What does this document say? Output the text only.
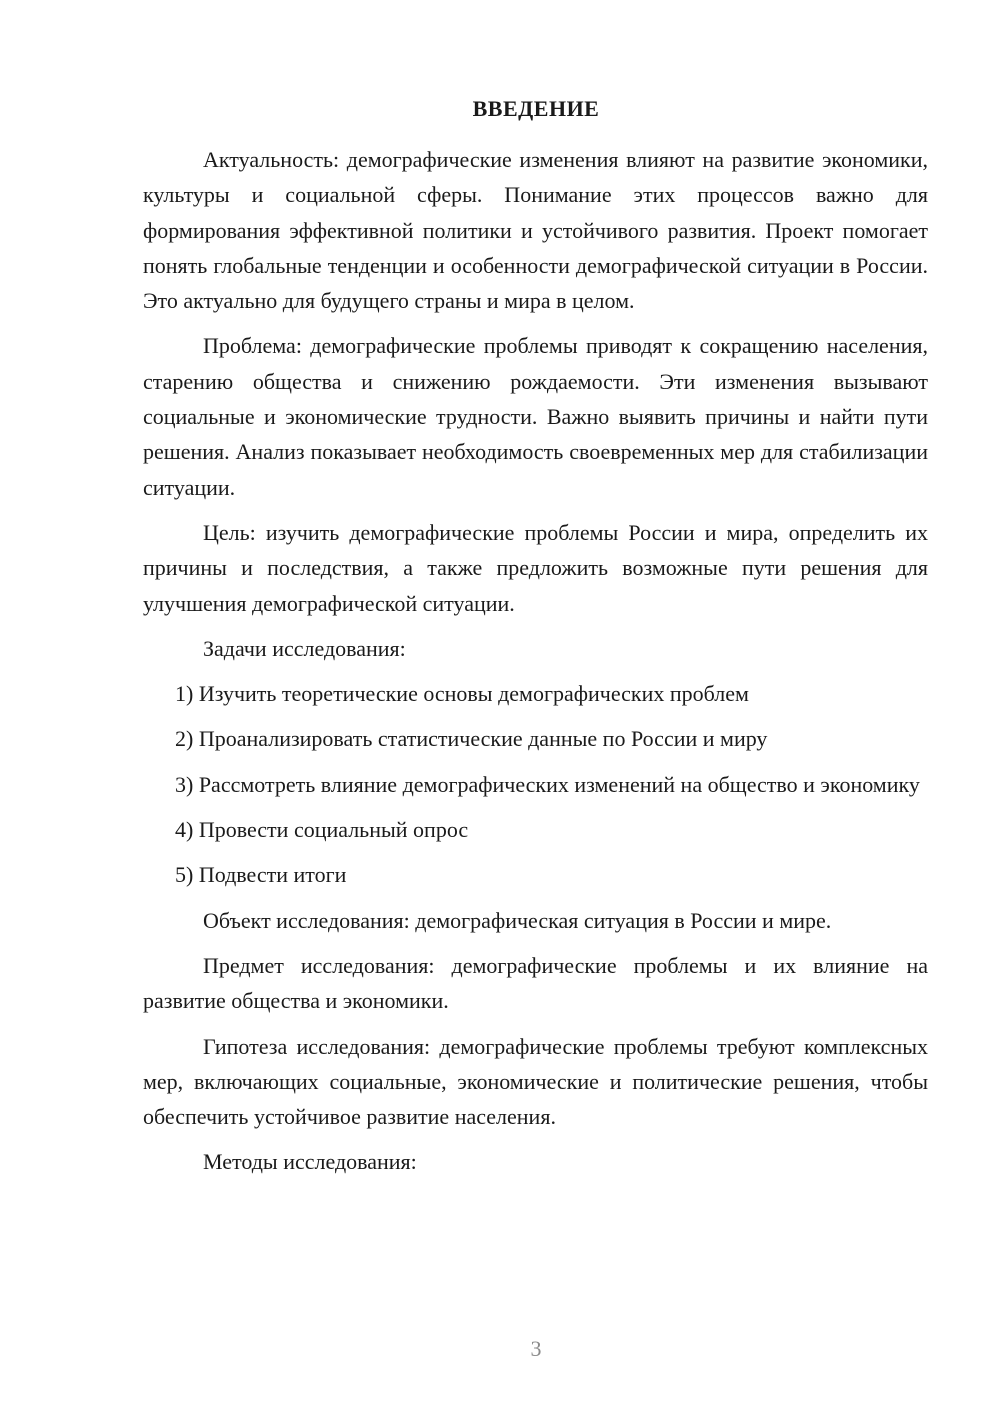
ВВЕДЕНИЕ

Актуальность: демографические изменения влияют на развитие экономики, культуры и социальной сферы. Понимание этих процессов важно для формирования эффективной политики и устойчивого развития. Проект помогает понять глобальные тенденции и особенности демографической ситуации в России. Это актуально для будущего страны и мира в целом.

Проблема: демографические проблемы приводят к сокращению населения, старению общества и снижению рождаемости. Эти изменения вызывают социальные и экономические трудности. Важно выявить причины и найти пути решения. Анализ показывает необходимость своевременных мер для стабилизации ситуации.

Цель: изучить демографические проблемы России и мира, определить их причины и последствия, а также предложить возможные пути решения для улучшения демографической ситуации.

Задачи исследования:

1) Изучить теоретические основы демографических проблем

2) Проанализировать статистические данные по России и миру

3) Рассмотреть влияние демографических изменений на общество и экономику

4) Провести социальный опрос

5) Подвести итоги

Объект исследования: демографическая ситуация в России и мире.

Предмет исследования: демографические проблемы и их влияние на развитие общества и экономики.

Гипотеза исследования: демографические проблемы требуют комплексных мер, включающих социальные, экономические и политические решения, чтобы обеспечить устойчивое развитие населения.

Методы исследования:

3
